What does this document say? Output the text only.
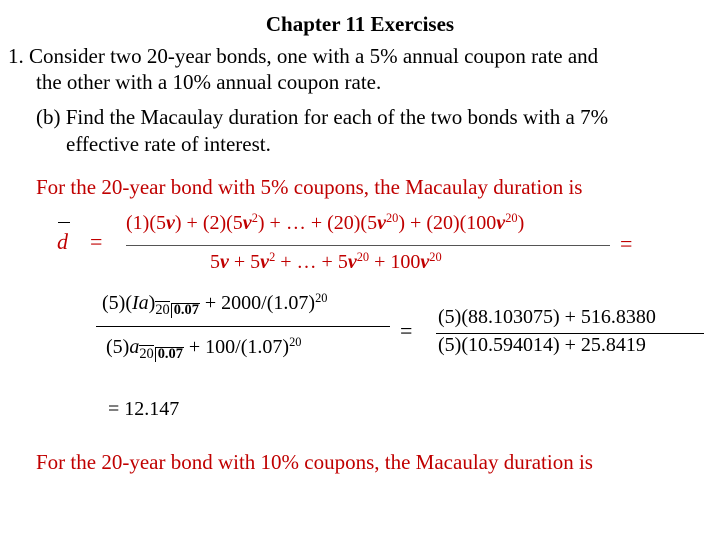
Chapter 11 Exercises
1. Consider two 20-year bonds, one with a 5% annual coupon rate and
the other with a 10% annual coupon rate.
(b) Find the Macaulay duration for each of the two bonds with a 7%
effective rate of interest.
For the 20-year bond with 5% coupons, the Macaulay duration is
d =
$(1)(5v) + (2)(5v^2)$ + … + $(20)(5v^{20}) + (20)(100v^{20})$
$5v + 5v^2$ + … + $5v^{20} + 100v^{20}$
=
$(5)(Ia)_{20 0.07} + 2000/(1.07)^{20}$
$(5)a_{20 0.07} + 100/(1.07)^{20}$	=
(5)(88.103075) + 516.8380
(5)(10.594014) + 25.8419
= 12.147
For the 20-year bond with 10% coupons, the Macaulay duration is
